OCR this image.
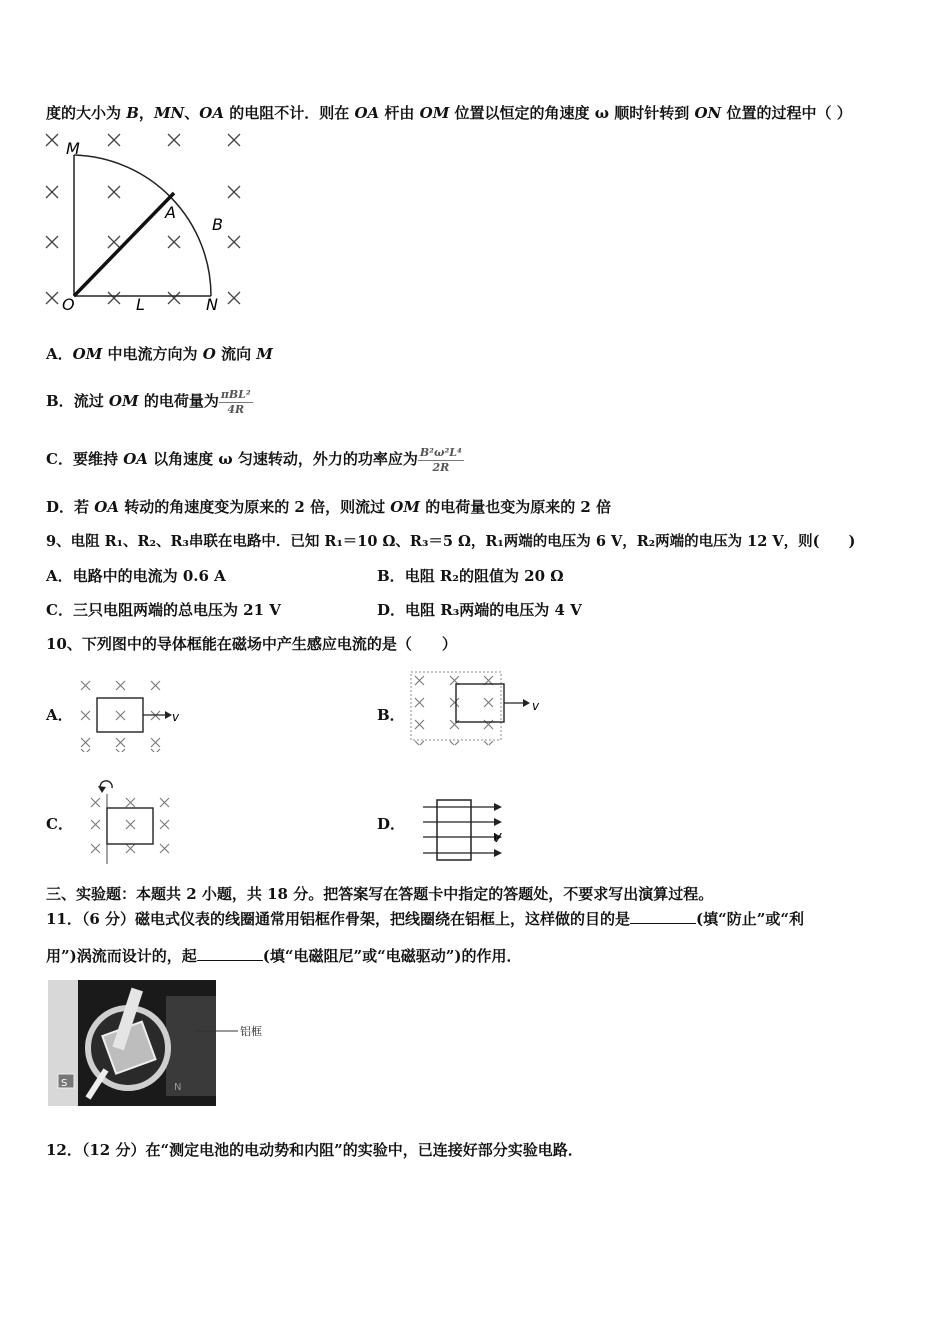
度的大小为 B，MN、OA 的电阻不计．则在 OA 杆由 OM 位置以恒定的角速度 ω 顺时针转到 ON 位置的过程中（ ）
M
A
B
O	L	N
A．OM 中电流方向为 O 流向 M
B．流过 OM 的电荷量为 $\frac{\text{πBL²}}{4R}$
C．要维持 OA 以角速度 ω 匀速转动，外力的功率应为 $\frac{\text{B²ω²L⁴}}{2R}$
D．若 OA 转动的角速度变为原来的 2 倍，则流过 OM 的电荷量也变为原来的 2 倍
9、电阻 R₁、R₂、R₃串联在电路中．已知 R₁＝10 Ω、R₃＝5 Ω，R₁两端的电压为 6 V，R₂两端的电压为 12 V，则(　　)
A．电路中的电流为 0.6 A	B．电阻 R₂的阻值为 20 Ω
C．三只电阻两端的总电压为 21 V	D．电阻 R₃两端的电压为 4 V
10、下列图中的导体框能在磁场中产生感应电流的是（　　）
A．	v	B．	v
C．	D．
V
三、实验题：本题共 2 小题，共 18 分。把答案写在答题卡中指定的答题处，不要求写出演算过程。
11．（6 分）磁电式仪表的线圈通常用铝框作骨架，把线圈绕在铝框上，这样做的目的是	(填“防止”或“利
用”)涡流而设计的，起	(填“电磁阻尼”或“电磁驱动”)的作用．
S	N
铝框
12．（12 分）在“测定电池的电动势和内阻”的实验中，已连接好部分实验电路．
